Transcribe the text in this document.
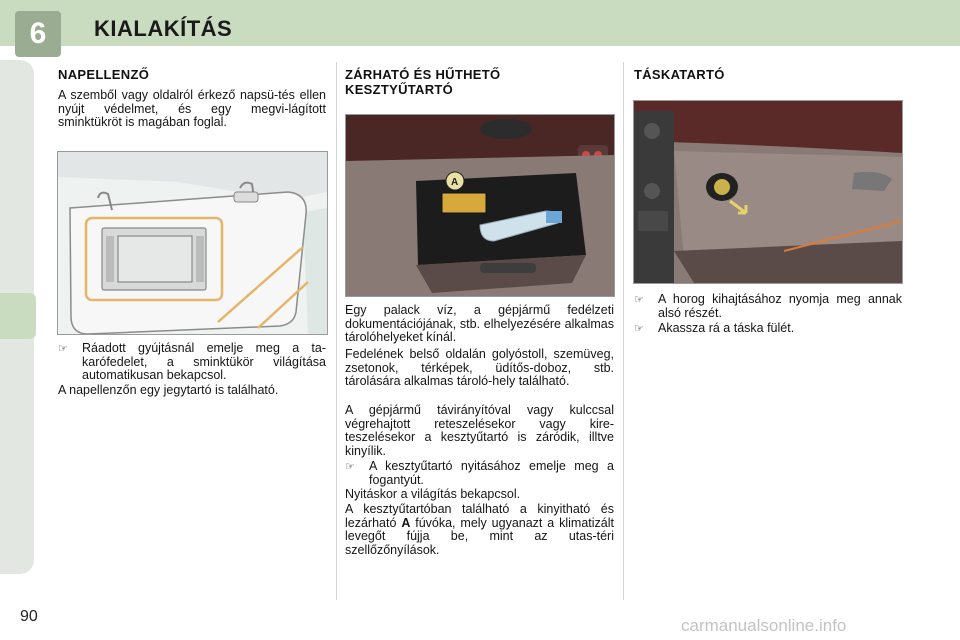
6 KIALAKÍTÁS
NAPELLENZŐ
A szemből vagy oldalról érkező napsü-tés ellen nyújt védelmet, és egy megvi-lágított sminktükröt is magában foglal.
☞	Ráadott gyújtásnál emelje meg a ta-karófedelet, a sminktükör világítása automatikusan bekapcsol.
A napellenzőn egy jegytartó is található.
ZÁRHATÓ ÉS HŰTHETŐ KESZTYŰTARTÓ
A
Egy palack víz, a gépjármű fedélzeti dokumentációjának, stb. elhelyezésére alkalmas tárolóhelyeket kínál.
Fedelének belső oldalán golyóstoll, szemüveg, zsetonok, térképek, üdítős-doboz, stb. tárolására alkalmas tároló-hely található.
A gépjármű távirányítóval vagy kulccsal végrehajtott reteszelésekor vagy kire-teszelésekor a kesztyűtartó is záródik, illtve kinyílik.
☞	A kesztyűtartó nyitásához emelje meg a fogantyút.
Nyitáskor a világítás bekapcsol.
A kesztyűtartóban található a kinyitható és lezárható A fúvóka, mely ugyanazt a klimatizált levegőt fújja be, mint az utas-téri szellőzőnyílások.
TÁSKATARTÓ
☞	A horog kihajtásához nyomja meg annak alsó részét.
☞	Akassza rá a táska fülét.
90	carmanualsonline.info
